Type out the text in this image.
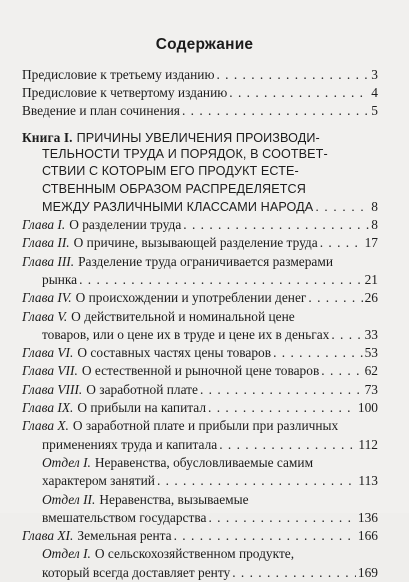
Содержание
Предисловие к третьему изданию . . .	3
Предисловие к четвертому изданию . . .	4
Введение и план сочинения . . .	5
Книга I. ПРИЧИНЫ УВЕЛИЧЕНИЯ ПРОИЗВОДИ-
ТЕЛЬНОСТИ ТРУДА И ПОРЯДОК, В СООТВЕТ-
СТВИИ С КОТОРЫМ ЕГО ПРОДУКТ ЕСТЕ-
СТВЕННЫМ ОБРАЗОМ РАСПРЕДЕЛЯЕТСЯ
МЕЖДУ РАЗЛИЧНЫМИ КЛАССАМИ НАРОДА . . .	8
Глава I. О разделении труда . . .	8
Глава II. О причине, вызывающей разделение труда . . .	17
Глава III. Разделение труда ограничивается размерами
рынка . . .	21
Глава IV. О происхождении и употреблении денег . . .	26
Глава V. О действительной и номинальной цене
товаров, или о цене их в труде и цене их в деньгах . . .	33
Глава VI. О составных частях цены товаров . . .	53
Глава VII. О естественной и рыночной цене товаров . . .	62
Глава VIII. О заработной плате . . .	73
Глава IX. О прибыли на капитал . . .	100
Глава X. О заработной плате и прибыли при различных
применениях труда и капитала . . .	112
Отдел I. Неравенства, обусловливаемые самим
характером занятий . . .	113
Отдел II. Неравенства, вызываемые
вмешательством государства . . .	136
Глава XI. Земельная рента . . .	166
Отдел I. О сельскохозяйственном продукте,
который всегда доставляет ренту . . .	169
